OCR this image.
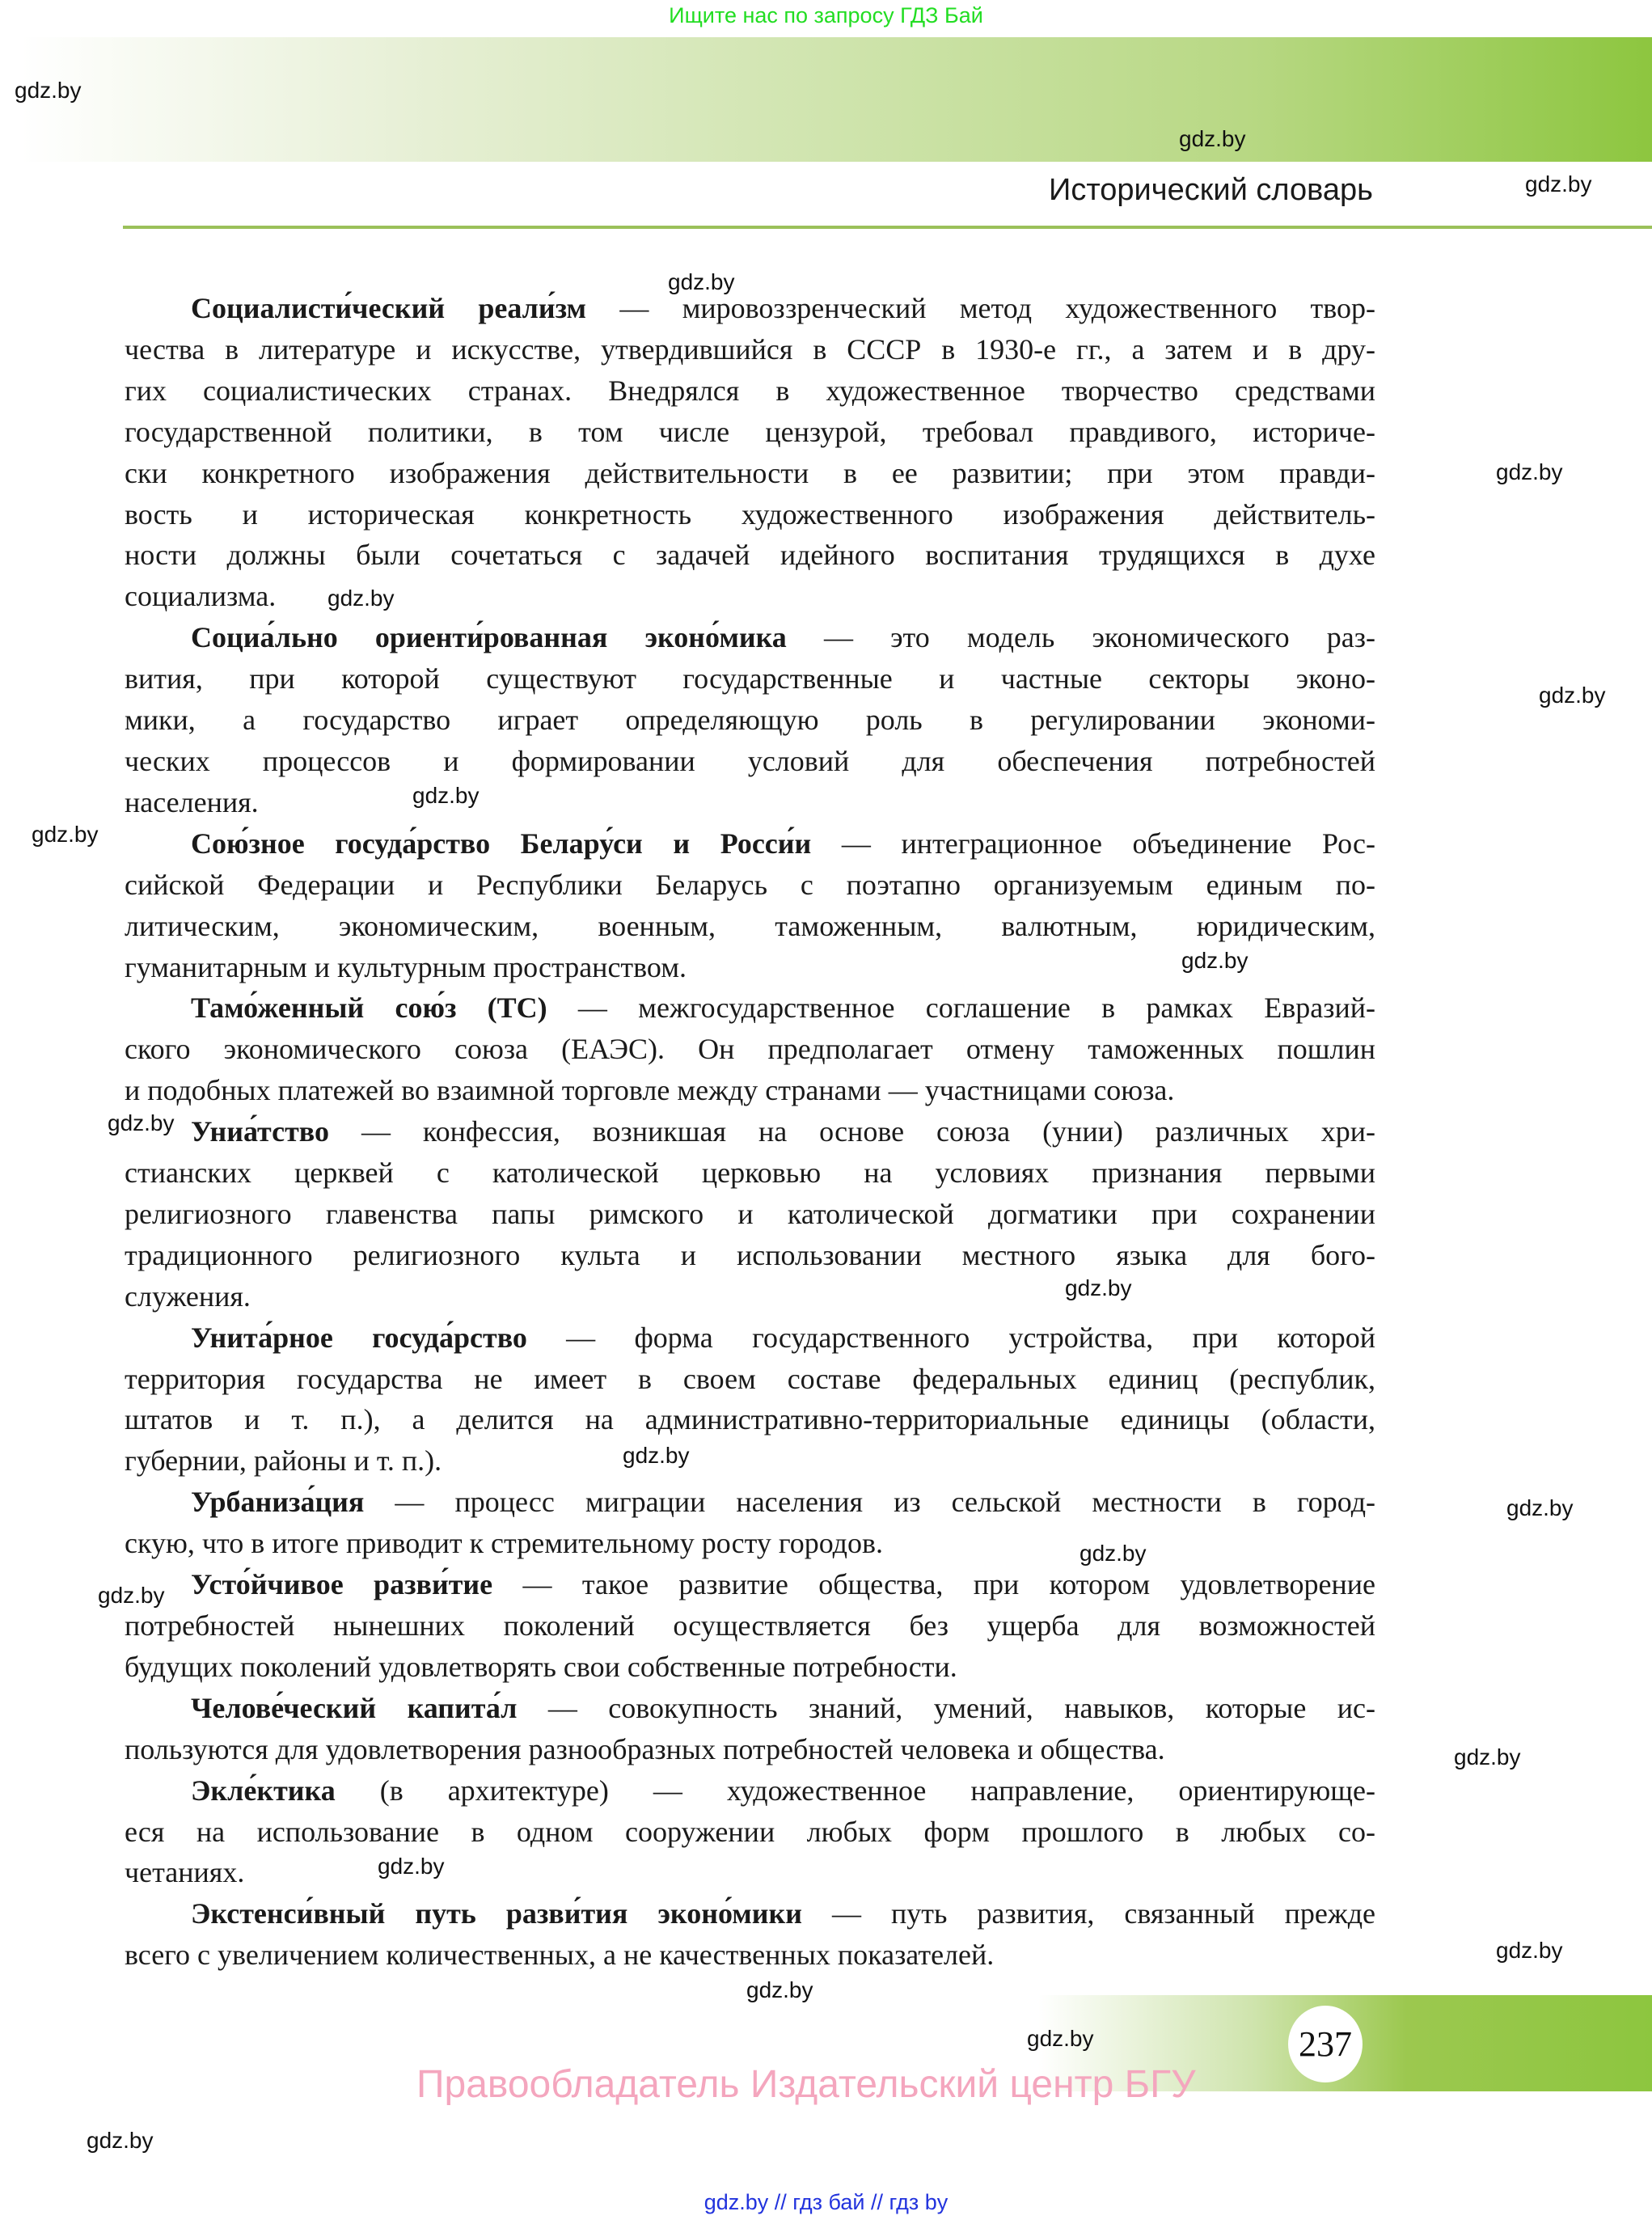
Ищите нас по запросу ГДЗ Бай
Исторический словарь
Социалисти́ческий реали́зм — мировоззренческий метод художественного твор-
чества в литературе и искусстве, утвердившийся в СССР в 1930-е гг., а затем и в дру-
гих социалистических странах. Внедрялся в художественное творчество средствами
государственной политики, в том числе цензурой, требовал правдивого, историче-
ски конкретного изображения действительности в ее развитии; при этом правди-
вость и историческая конкретность художественного изображения действитель-
ности должны были сочетаться с задачей идейного воспитания трудящихся в духе
социализма.
Социа́льно ориенти́рованная эконо́мика — это модель экономического раз-
вития, при которой существуют государственные и частные секторы эконо-
мики, а государство играет определяющую роль в регулировании экономи-
ческих процессов и формировании условий для обеспечения потребностей
населения.
Сою́зное госуда́рство Белару́си и Росси́и — интеграционное объединение Рос-
сийской Федерации и Республики Беларусь с поэтапно организуемым единым по-
литическим, экономическим, военным, таможенным, валютным, юридическим,
гуманитарным и культурным пространством.
Тамо́женный сою́з (ТС) — межгосударственное соглашение в рамках Евразий-
ского экономического союза (ЕАЭС). Он предполагает отмену таможенных пошлин
и подобных платежей во взаимной торговле между странами — участницами союза.
Униа́тство — конфессия, возникшая на основе союза (унии) различных хри-
стианских церквей с католической церковью на условиях признания первыми
религиозного главенства папы римского и католической догматики при сохранении
традиционного религиозного культа и использовании местного языка для бого-
служения.
Унита́рное госуда́рство — форма государственного устройства, при которой
территория государства не имеет в своем составе федеральных единиц (республик,
штатов и т. п.), а делится на административно-территориальные единицы (области,
губернии, районы и т. п.).
Урбаниза́ция — процесс миграции населения из сельской местности в город-
скую, что в итоге приводит к стремительному росту городов.
Усто́йчивое разви́тие — такое развитие общества, при котором удовлетворение
потребностей нынешних поколений осуществляется без ущерба для возможностей
будущих поколений удовлетворять свои собственные потребности.
Челове́ческий капита́л — совокупность знаний, умений, навыков, которые ис-
пользуются для удовлетворения разнообразных потребностей человека и общества.
Экле́ктика (в архитектуре) — художественное направление, ориентирующе-
еся на использование в одном сооружении любых форм прошлого в любых со-
четаниях.
Экстенси́вный путь разви́тия эконо́мики — путь развития, связанный прежде
всего с увеличением количественных, а не качественных показателей.
237
Правообладатель Издательский центр БГУ
gdz.by // гдз бай // гдз by
gdz.by
gdz.by
gdz.by
gdz.by
gdz.by
gdz.by
gdz.by
gdz.by
gdz.by
gdz.by
gdz.by
gdz.by
gdz.by
gdz.by
gdz.by
gdz.by
gdz.by
gdz.by
gdz.by
gdz.by
gdz.by
gdz.by
